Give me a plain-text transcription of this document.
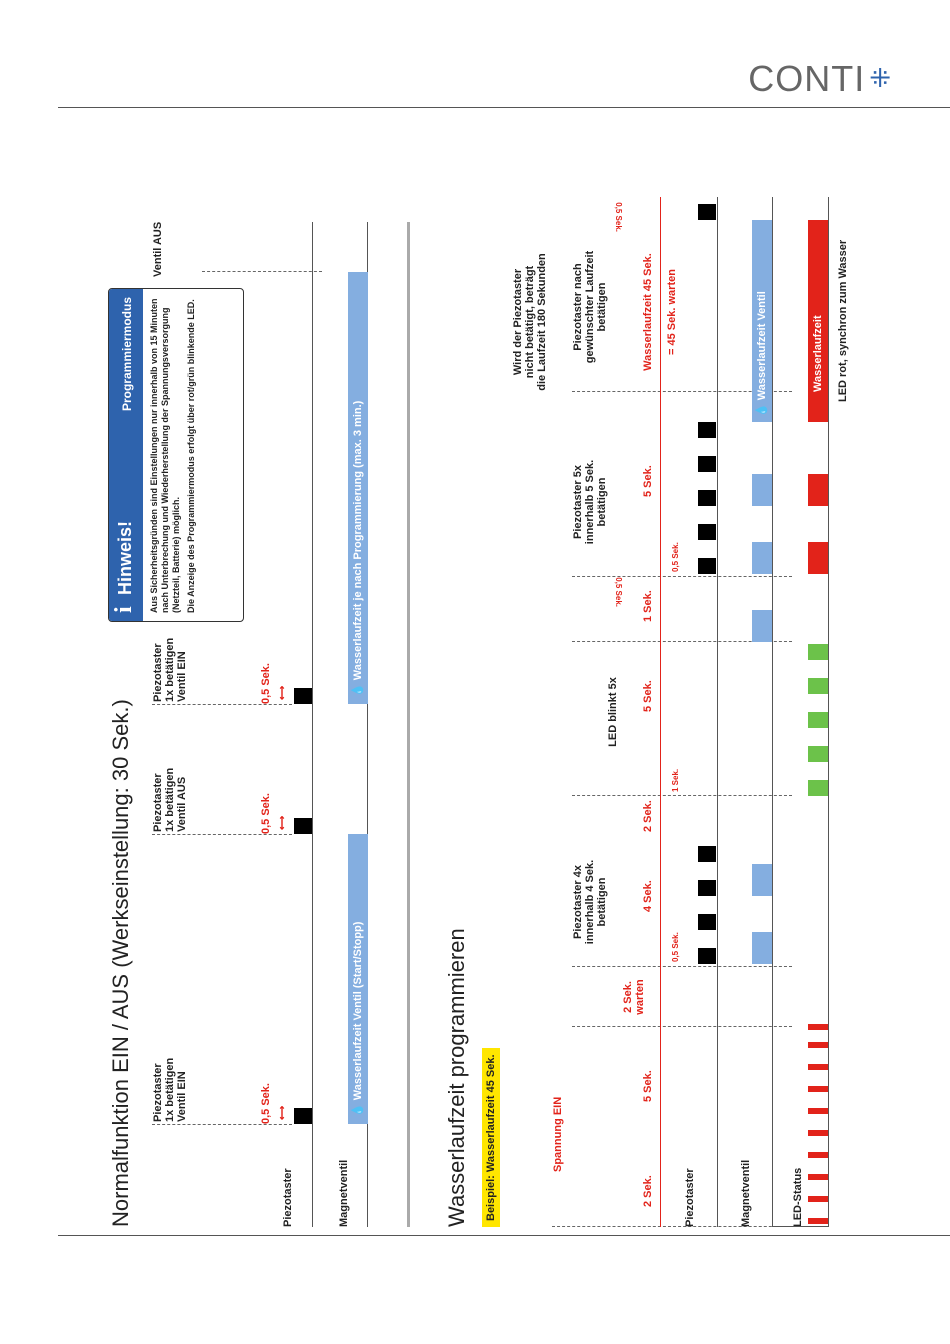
CONTI ⁜
Normalfunktion EIN / AUS (Werkseinstellung: 30 Sek.) Piezotaster
1x betätigen
Ventil EIN
Piezotaster
1x betätigen
Ventil AUS
Piezotaster
1x betätigen
Ventil EIN
Ventil AUS
0,5 Sek. ⟷
0,5 Sek. ⟷
0,5 Sek. ⟷
Piezotaster	Magnetventil
💧 Wasserlaufzeit Ventil (Start/Stopp)
💧 Wasserlaufzeit je nach Programmierung (max. 3 min.)
i
Hinweis!
Programmiermodus Aus Sicherheitsgründen sind Einstellungen nur innerhalb von 15 Minuten nach Unterbrechung und Wiederherstellung der Spannungsversorgung (Netzteil, Batterie) möglich. Die Anzeige des Programmiermodus erfolgt über rot/grün blinkende LED.
Wasserlaufzeit programmieren Beispiel: Wasserlaufzeit 45 Sek.	Spannung EIN
2 Sek.
5 Sek.
2 Sek.
warten
Piezotaster 4x
innerhalb 4 Sek.
betätigen
0,5 Sek.
4 Sek.
2 Sek.
1 Sek.
LED blinkt 5x 5 Sek.
1 Sek.
0,5 Sek.
Piezotaster 5x
innerhalb 5 Sek.
betätigen
0,5 Sek.
5 Sek.
Wird der Piezotaster
nicht betätigt, beträgt
die Laufzeit 180 Sekunden
Piezotaster nach
gewünschter Laufzeit
betätigen	Wasserlaufzeit 45 Sek. = 45 Sek. warten
0,5 Sek.
Piezotaster	Magnetventil	LED-Status
💧 Wasserlaufzeit Ventil	Wasserlaufzeit LED rot, synchron zum Wasser
